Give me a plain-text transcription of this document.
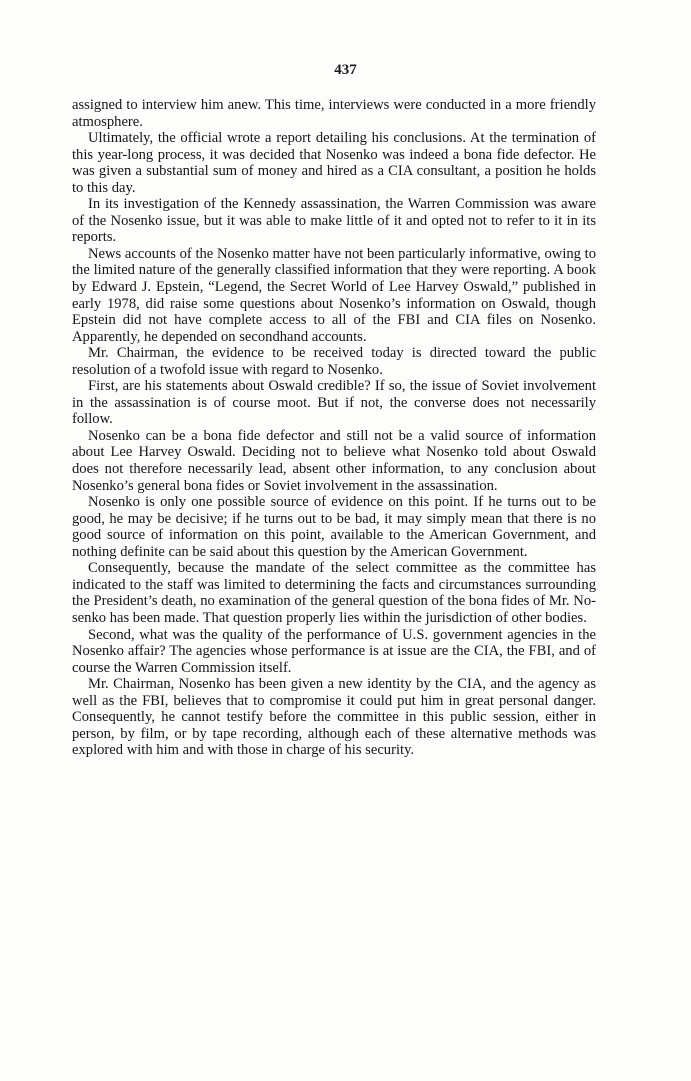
437

assigned to interview him anew. This time, interviews were conducted in a more friendly atmosphere.

Ultimately, the official wrote a report detailing his conclusions. At the termination of this year-long process, it was decided that Nosenko was indeed a bona fide defector. He was given a substantial sum of money and hired as a CIA consultant, a position he holds to this day.

In its investigation of the Kennedy assassination, the Warren Commission was aware of the Nosenko issue, but it was able to make little of it and opted not to refer to it in its reports.

News accounts of the Nosenko matter have not been particularly informative, owing to the limited nature of the generally classified information that they were reporting. A book by Edward J. Epstein, “Legend, the Secret World of Lee Harvey Oswald,” published in early 1978, did raise some questions about Nosenko’s information on Oswald, though Epstein did not have complete access to all of the FBI and CIA files on Nosenko. Apparently, he depended on secondhand accounts.

Mr. Chairman, the evidence to be received today is directed toward the public resolution of a twofold issue with regard to Nosenko.

First, are his statements about Oswald credible? If so, the issue of Soviet involvement in the assassination is of course moot. But if not, the converse does not necessarily follow.

Nosenko can be a bona fide defector and still not be a valid source of information about Lee Harvey Oswald. Deciding not to believe what Nosenko told about Oswald does not therefore necessarily lead, absent other information, to any conclusion about Nosenko’s general bona fides or Soviet involvement in the assassination.

Nosenko is only one possible source of evidence on this point. If he turns out to be good, he may be decisive; if he turns out to be bad, it may simply mean that there is no good source of information on this point, available to the American Government, and nothing definite can be said about this question by the American Government.

Consequently, because the mandate of the select committee as the committee has indicated to the staff was limited to determining the facts and circumstances surrounding the President’s death, no examination of the general question of the bona fides of Mr. Nosenko has been made. That question properly lies within the jurisdiction of other bodies.

Second, what was the quality of the performance of U.S. government agencies in the Nosenko affair? The agencies whose performance is at issue are the CIA, the FBI, and of course the Warren Commission itself.

Mr. Chairman, Nosenko has been given a new identity by the CIA, and the agency as well as the FBI, believes that to compromise it could put him in great personal danger. Consequently, he cannot testify before the committee in this public session, either in person, by film, or by tape recording, although each of these alternative methods was explored with him and with those in charge of his security.
